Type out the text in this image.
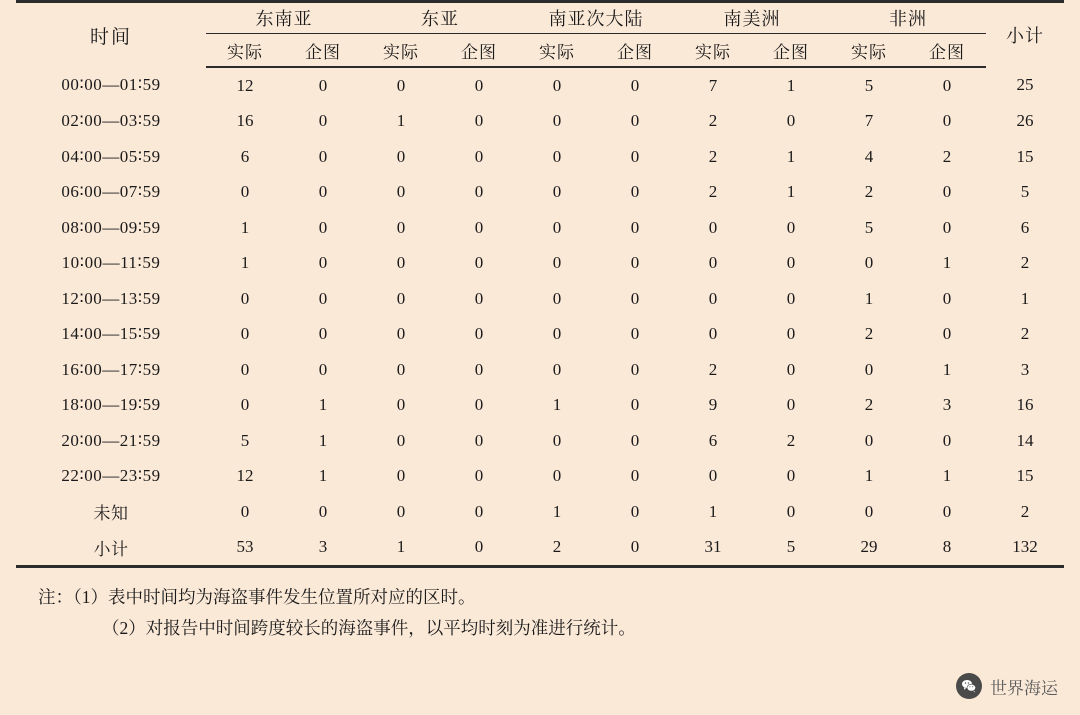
时间	东南亚		东亚		南亚次大陆		南美洲		非洲		小计
	实际	企图	实际	企图	实际	企图	实际	企图	实际	企图	
00∶00—01∶59	12	0	0	0	0	0	7	1	5	0	25
02∶00—03∶59	16	0	1	0	0	0	2	0	7	0	26
04∶00—05∶59	6	0	0	0	0	0	2	1	4	2	15
06∶00—07∶59	0	0	0	0	0	0	2	1	2	0	5
08∶00—09∶59	1	0	0	0	0	0	0	0	5	0	6
10∶00—11∶59	1	0	0	0	0	0	0	0	0	1	2
12∶00—13∶59	0	0	0	0	0	0	0	0	1	0	1
14∶00—15∶59	0	0	0	0	0	0	0	0	2	0	2
16∶00—17∶59	0	0	0	0	0	0	2	0	0	1	3
18∶00—19∶59	0	1	0	0	1	0	9	0	2	3	16
20∶00—21∶59	5	1	0	0	0	0	6	2	0	0	14
22∶00—23∶59	12	1	0	0	0	0	0	0	1	1	15
未知	0	0	0	0	1	0	1	0	0	0	2
小计	53	3	1	0	2	0	31	5	29	8	132
注：（1）表中时间均为海盗事件发生位置所对应的区时。
（2）对报告中时间跨度较长的海盗事件，以平均时刻为准进行统计。
世界海运
